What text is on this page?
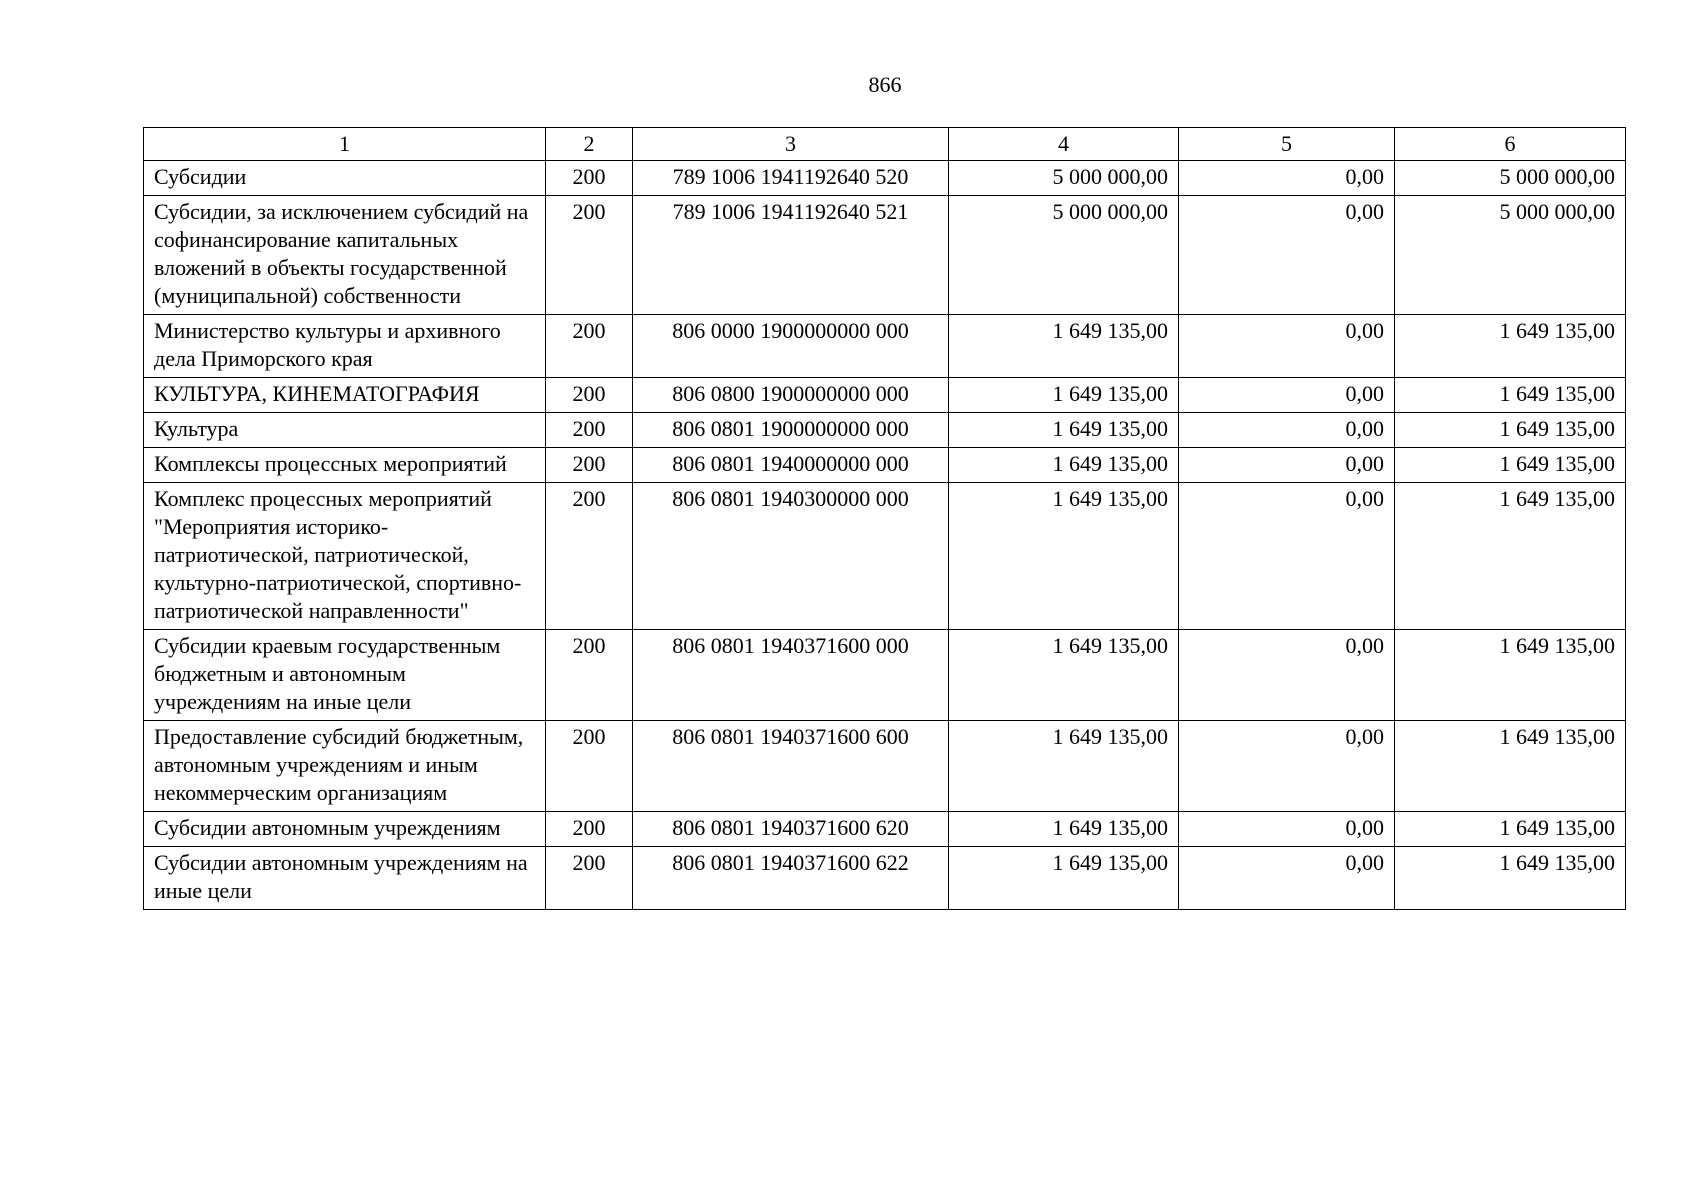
866
1	2	3	4	5	6
Субсидии	200	789 1006 1941192640 520	5 000 000,00	0,00	5 000 000,00
Субсидии, за исключением субсидий на софинансирование капитальных вложений в объекты государственной (муниципальной) собственности	200	789 1006 1941192640 521	5 000 000,00	0,00	5 000 000,00
Министерство культуры и архивного дела Приморского края	200	806 0000 1900000000 000	1 649 135,00	0,00	1 649 135,00
КУЛЬТУРА, КИНЕМАТОГРАФИЯ	200	806 0800 1900000000 000	1 649 135,00	0,00	1 649 135,00
Культура	200	806 0801 1900000000 000	1 649 135,00	0,00	1 649 135,00
Комплексы процессных мероприятий	200	806 0801 1940000000 000	1 649 135,00	0,00	1 649 135,00
Комплекс процессных мероприятий "Мероприятия историко-патриотической, патриотической, культурно-патриотической, спортивно-патриотической направленности"	200	806 0801 1940300000 000	1 649 135,00	0,00	1 649 135,00
Субсидии краевым государственным бюджетным и автономным учреждениям на иные цели	200	806 0801 1940371600 000	1 649 135,00	0,00	1 649 135,00
Предоставление субсидий бюджетным, автономным учреждениям и иным некоммерческим организациям	200	806 0801 1940371600 600	1 649 135,00	0,00	1 649 135,00
Субсидии автономным учреждениям	200	806 0801 1940371600 620	1 649 135,00	0,00	1 649 135,00
Субсидии автономным учреждениям на иные цели	200	806 0801 1940371600 622	1 649 135,00	0,00	1 649 135,00
